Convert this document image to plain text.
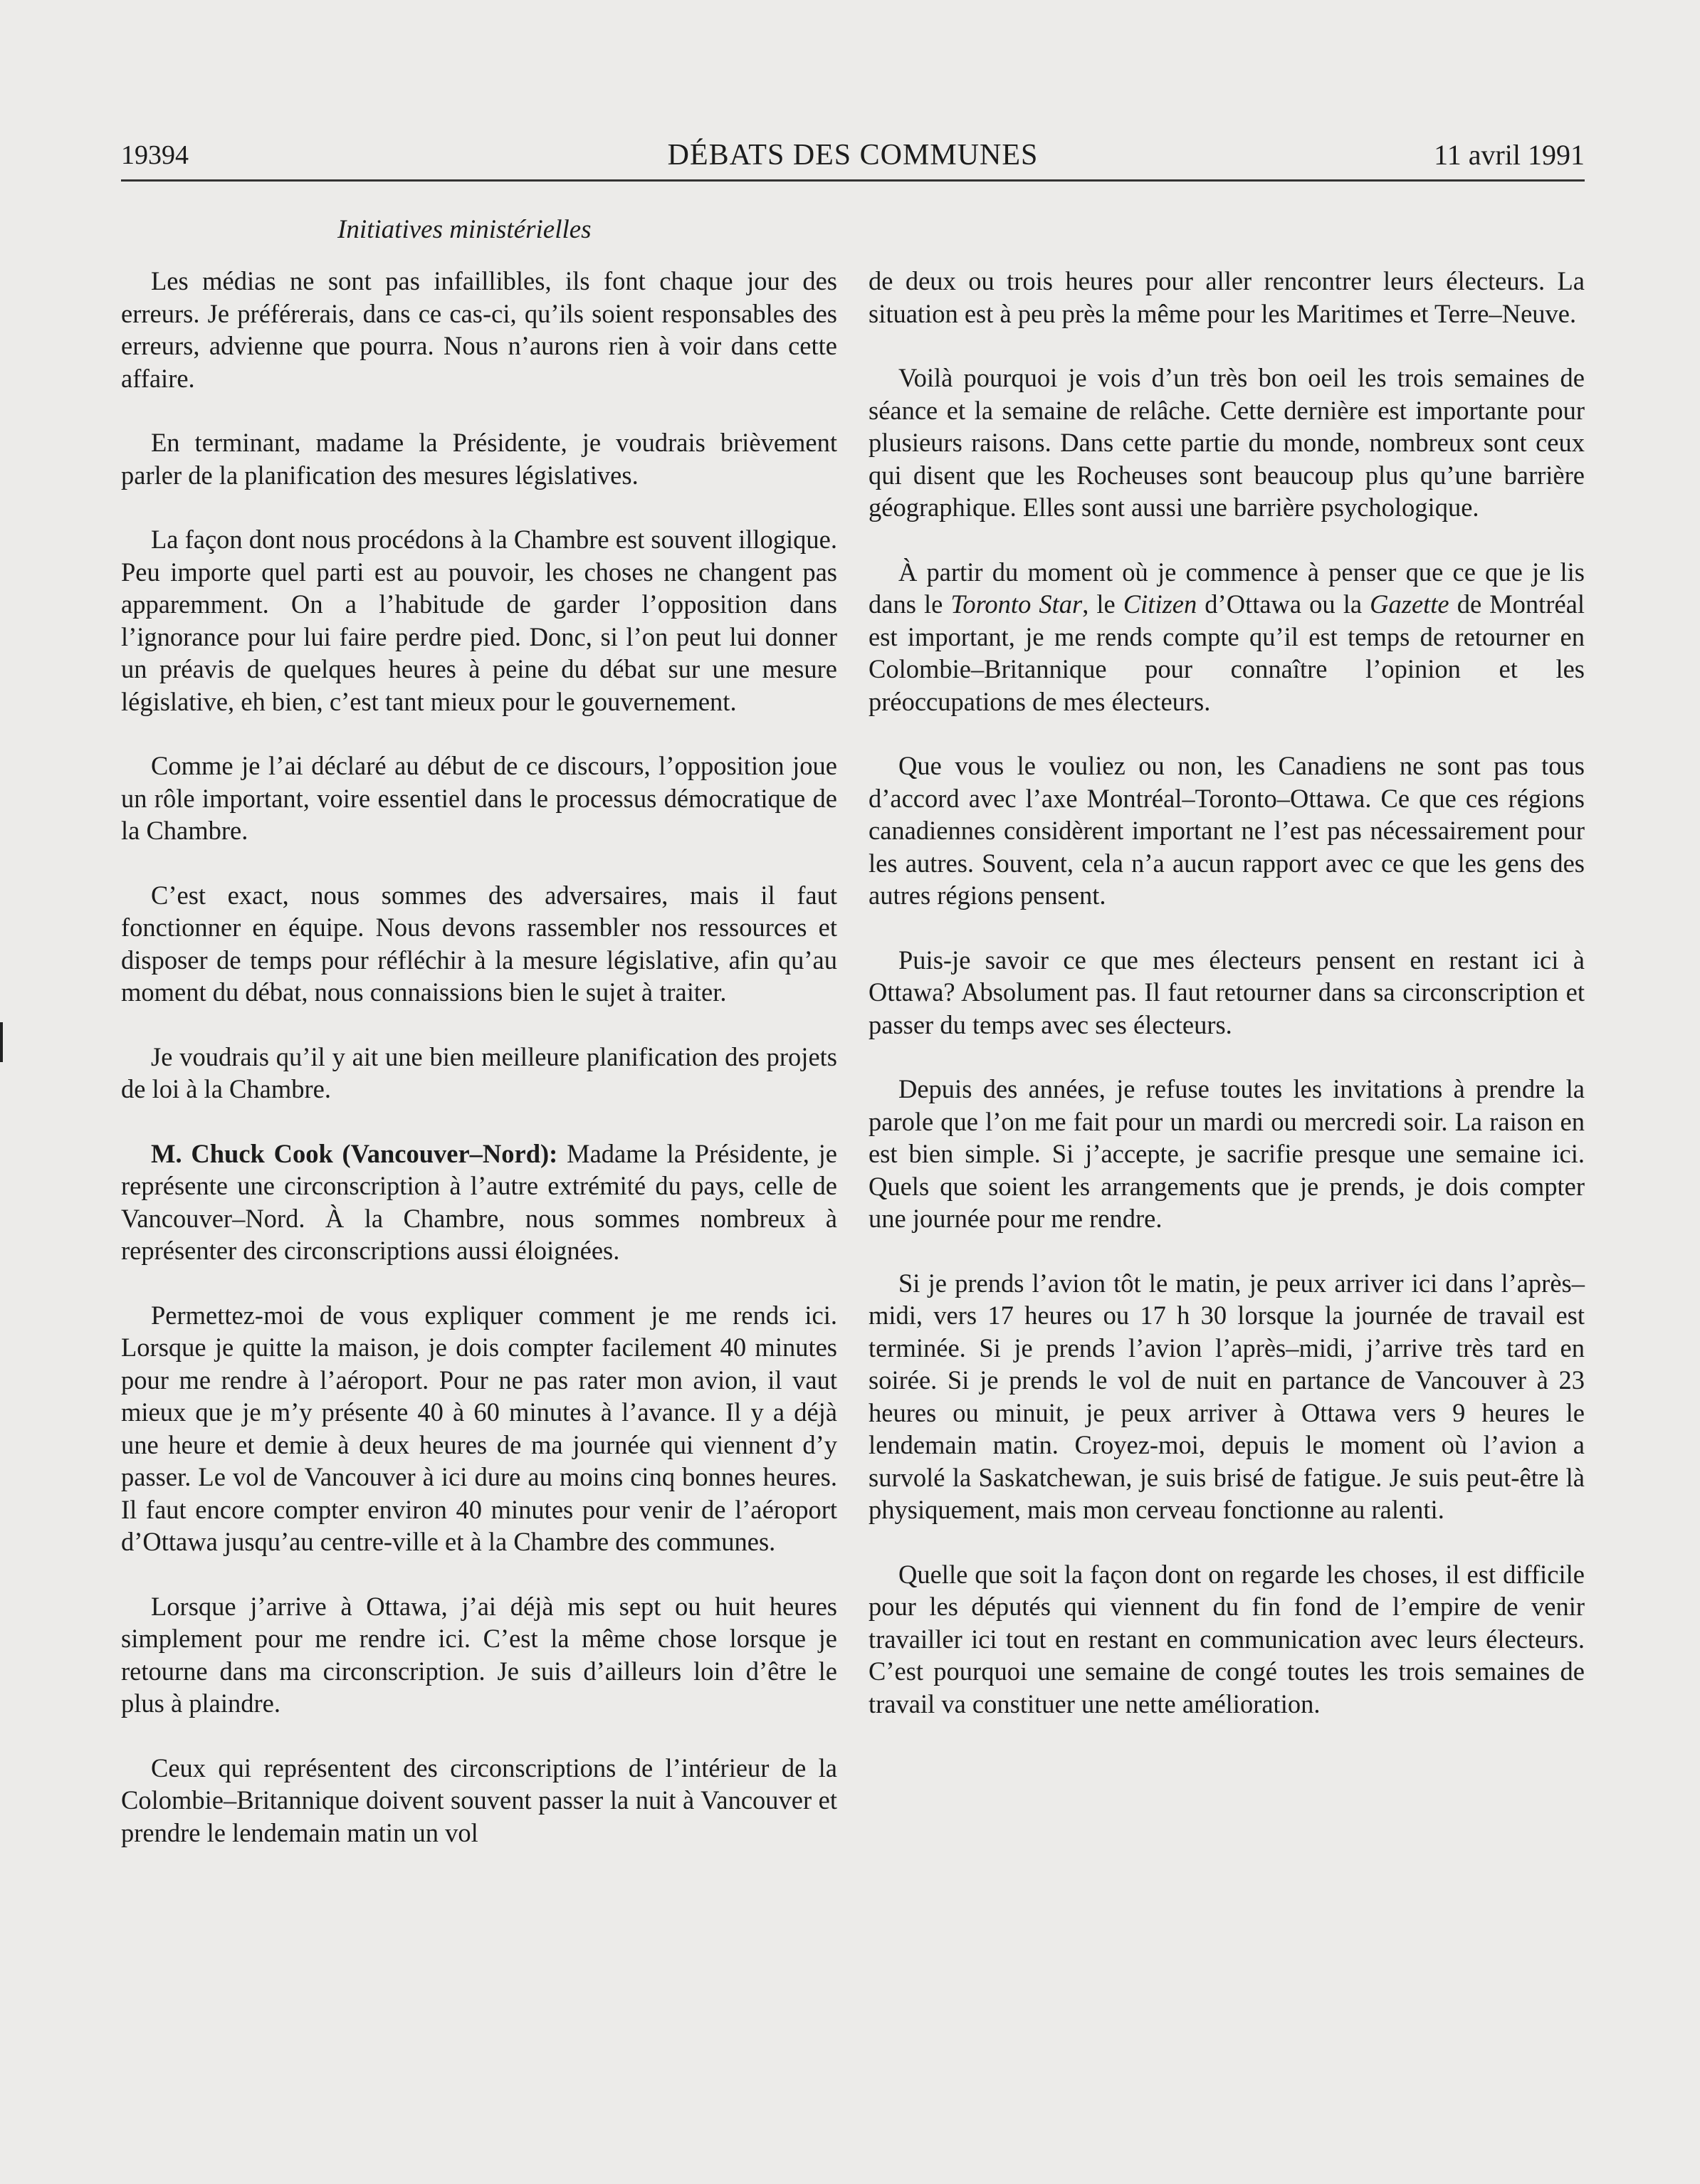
19394	DÉBATS DES COMMUNES	11 avril 1991
Initiatives ministérielles

Les médias ne sont pas infaillibles, ils font chaque jour des erreurs. Je préférerais, dans ce cas-ci, qu’ils soient responsables des erreurs, advienne que pourra. Nous n’aurons rien à voir dans cette affaire.

En terminant, madame la Présidente, je voudrais brièvement parler de la planification des mesures législatives.

La façon dont nous procédons à la Chambre est souvent illogique. Peu importe quel parti est au pouvoir, les choses ne changent pas apparemment. On a l’habitude de garder l’opposition dans l’ignorance pour lui faire perdre pied. Donc, si l’on peut lui donner un préavis de quelques heures à peine du débat sur une mesure législative, eh bien, c’est tant mieux pour le gouvernement.

Comme je l’ai déclaré au début de ce discours, l’opposition joue un rôle important, voire essentiel dans le processus démocratique de la Chambre.

C’est exact, nous sommes des adversaires, mais il faut fonctionner en équipe. Nous devons rassembler nos ressources et disposer de temps pour réfléchir à la mesure législative, afin qu’au moment du débat, nous connaissions bien le sujet à traiter.

Je voudrais qu’il y ait une bien meilleure planification des projets de loi à la Chambre.

M. Chuck Cook (Vancouver–Nord): Madame la Présidente, je représente une circonscription à l’autre extrémité du pays, celle de Vancouver–Nord. À la Chambre, nous sommes nombreux à représenter des circonscriptions aussi éloignées.

Permettez-moi de vous expliquer comment je me rends ici. Lorsque je quitte la maison, je dois compter facilement 40 minutes pour me rendre à l’aéroport. Pour ne pas rater mon avion, il vaut mieux que je m’y présente 40 à 60 minutes à l’avance. Il y a déjà une heure et demie à deux heures de ma journée qui viennent d’y passer. Le vol de Vancouver à ici dure au moins cinq bonnes heures. Il faut encore compter environ 40 minutes pour venir de l’aéroport d’Ottawa jusqu’au centre-ville et à la Chambre des communes.

Lorsque j’arrive à Ottawa, j’ai déjà mis sept ou huit heures simplement pour me rendre ici. C’est la même chose lorsque je retourne dans ma circonscription. Je suis d’ailleurs loin d’être le plus à plaindre.

Ceux qui représentent des circonscriptions de l’intérieur de la Colombie–Britannique doivent souvent passer la nuit à Vancouver et prendre le lendemain matin un vol

de deux ou trois heures pour aller rencontrer leurs électeurs. La situation est à peu près la même pour les Maritimes et Terre–Neuve.

Voilà pourquoi je vois d’un très bon oeil les trois semaines de séance et la semaine de relâche. Cette dernière est importante pour plusieurs raisons. Dans cette partie du monde, nombreux sont ceux qui disent que les Rocheuses sont beaucoup plus qu’une barrière géographique. Elles sont aussi une barrière psychologique.

À partir du moment où je commence à penser que ce que je lis dans le Toronto Star, le Citizen d’Ottawa ou la Gazette de Montréal est important, je me rends compte qu’il est temps de retourner en Colombie–Britannique pour connaître l’opinion et les préoccupations de mes électeurs.

Que vous le vouliez ou non, les Canadiens ne sont pas tous d’accord avec l’axe Montréal–Toronto–Ottawa. Ce que ces régions canadiennes considèrent important ne l’est pas nécessairement pour les autres. Souvent, cela n’a aucun rapport avec ce que les gens des autres régions pensent.

Puis-je savoir ce que mes électeurs pensent en restant ici à Ottawa? Absolument pas. Il faut retourner dans sa circonscription et passer du temps avec ses électeurs.

Depuis des années, je refuse toutes les invitations à prendre la parole que l’on me fait pour un mardi ou mercredi soir. La raison en est bien simple. Si j’accepte, je sacrifie presque une semaine ici. Quels que soient les arrangements que je prends, je dois compter une journée pour me rendre.

Si je prends l’avion tôt le matin, je peux arriver ici dans l’après–midi, vers 17 heures ou 17 h 30 lorsque la journée de travail est terminée. Si je prends l’avion l’après–midi, j’arrive très tard en soirée. Si je prends le vol de nuit en partance de Vancouver à 23 heures ou minuit, je peux arriver à Ottawa vers 9 heures le lendemain matin. Croyez-moi, depuis le moment où l’avion a survolé la Saskatchewan, je suis brisé de fatigue. Je suis peut-être là physiquement, mais mon cerveau fonctionne au ralenti.

Quelle que soit la façon dont on regarde les choses, il est difficile pour les députés qui viennent du fin fond de l’empire de venir travailler ici tout en restant en communication avec leurs électeurs. C’est pourquoi une semaine de congé toutes les trois semaines de travail va constituer une nette amélioration.
